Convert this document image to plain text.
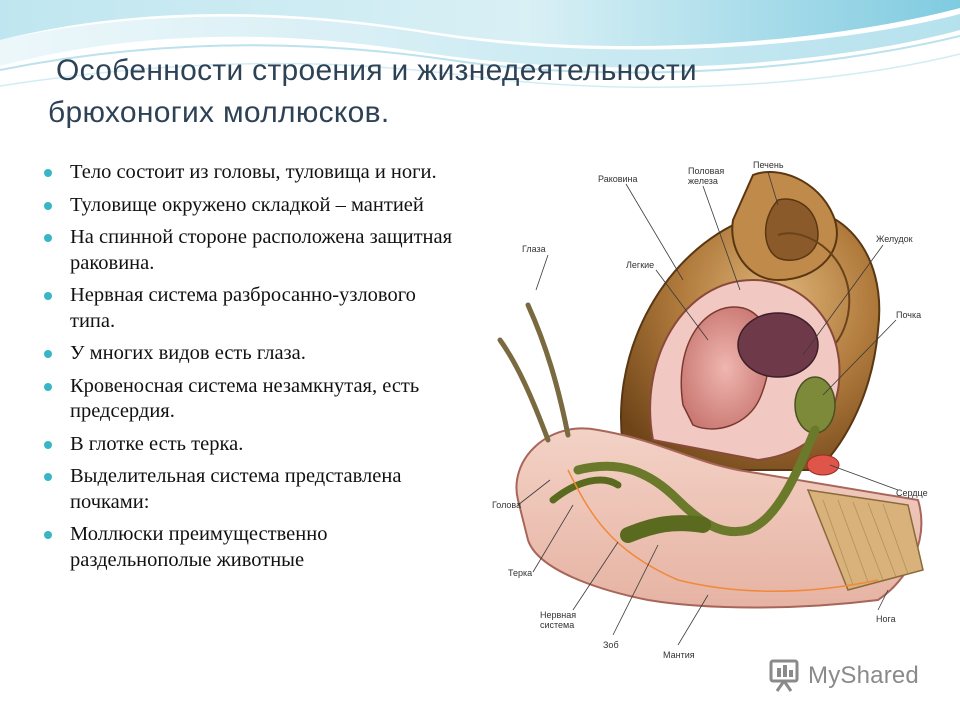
Особенности строения и жизнедеятельности
брюхоногих моллюсков.
Тело состоит из головы, туловища и ноги.
Туловище окружено складкой – мантией
На спинной стороне расположена защитная раковина.
Нервная система разбросанно-узлового типа.
У многих видов есть глаза.
Кровеносная система незамкнутая, есть предсердия.
В глотке есть терка.
Выделительная система представлена почками:
Моллюски преимущественно раздельнополые животные
Раковина
Половая
железа
Печень
Глаза
Легкие
Желудок
Почка
Сердце
Голова
Терка
Нервная
система
Зоб
Мантия
Нога
MyShared
